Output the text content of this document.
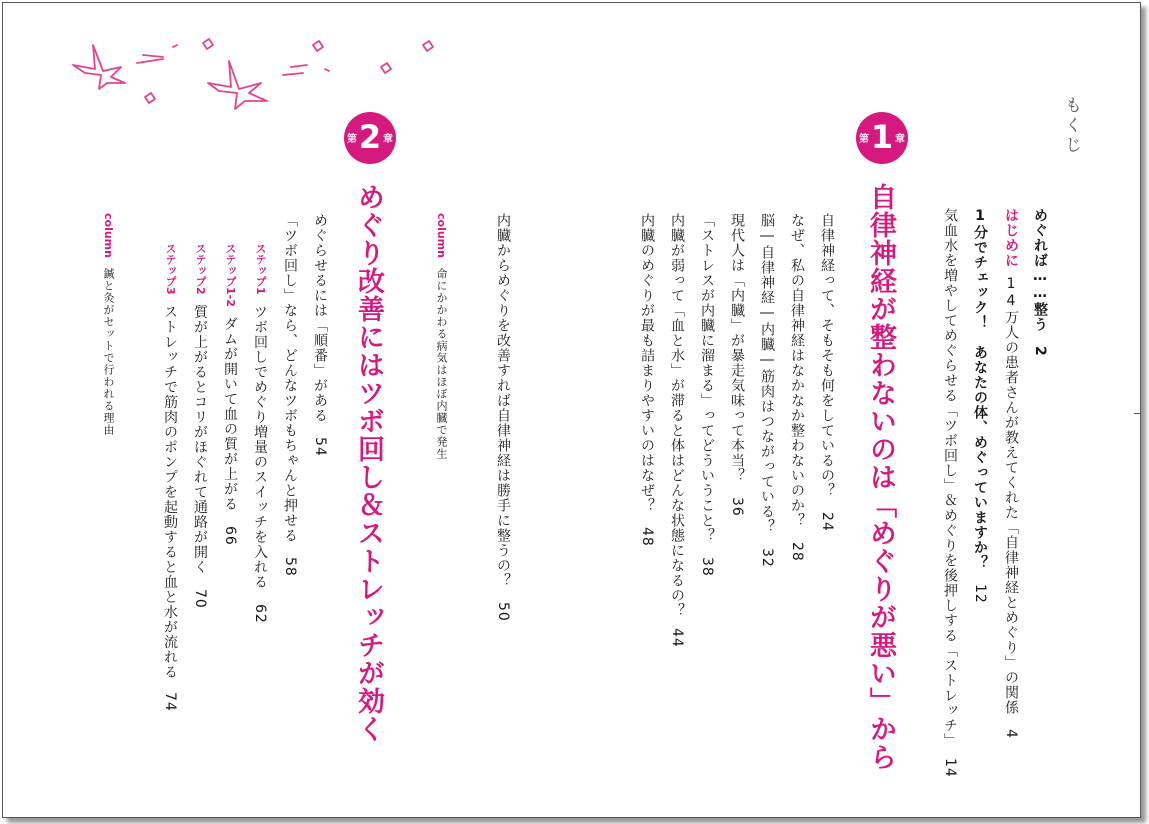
もくじ
めぐれば……整う2
はじめに14万人の患者さんが教えてくれた「自律神経とめぐり」の関係4
1分でチェック！　あなたの体、めぐっていますか？12
気血水を増やしてめぐらせる「ツボ回し」＆めぐりを後押しする「ストレッチ」14
第 1 章
自律神経が整わないのは「めぐりが悪い」から
自律神経って、そもそも何をしているの？24
なぜ、私の自律神経はなかなか整わないのか？28
脳―自律神経―内臓―筋肉はつながっている？32
現代人は「内臓」が暴走気味って本当？36
「ストレスが内臓に溜まる」ってどういうこと？38
内臓が弱って「血と水」が滞ると体はどんな状態になるの？44
内臓のめぐりが最も詰まりやすいのはなぜ？48
内臓からめぐりを改善すれば自律神経は勝手に整うの？50
column命にかかわる病気はほぼ内臓で発生
第 2 章
めぐり改善にはツボ回し＆ストレッチが効く
めぐらせるには「順番」がある54
「ツボ回し」なら、どんなツボもちゃんと押せる58
ステップ1ツボ回しでめぐり増量のスイッチを入れる62
ステップ1-2ダムが開いて血の質が上がる66
ステップ2質が上がるとコリがほぐれて通路が開く70
ステップ3ストレッチで筋肉のポンプを起動すると血と水が流れる74
column鍼と灸がセットで行われる理由
